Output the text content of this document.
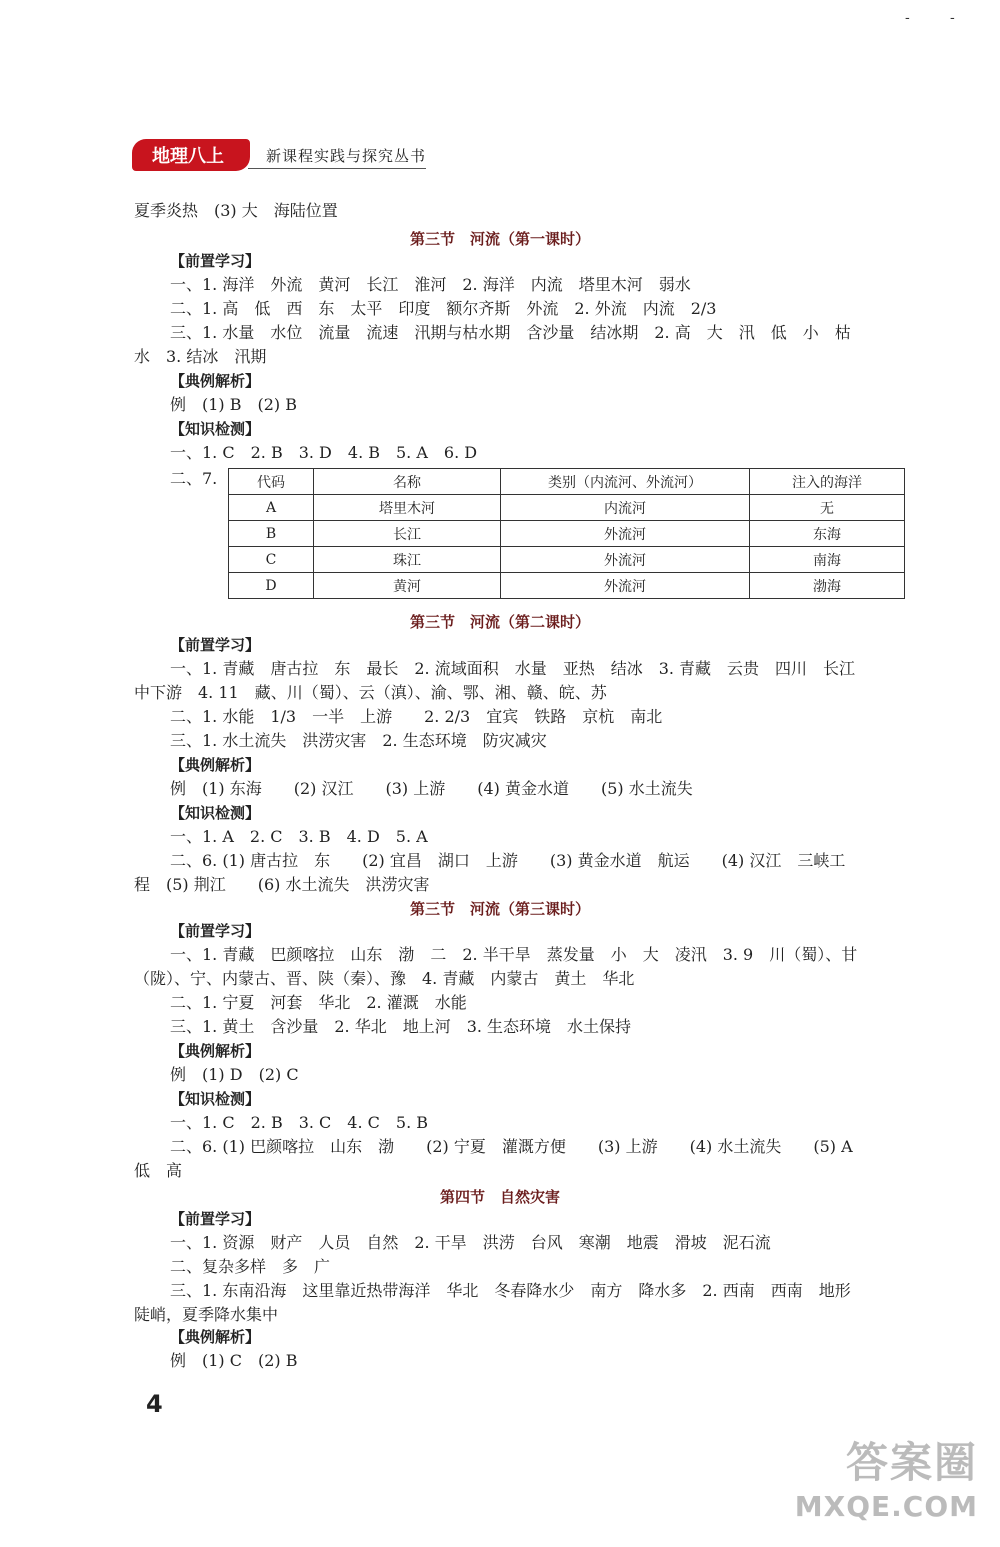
-	-
地理八上	新课程实践与探究丛书
夏季炎热　(3) 大　海陆位置
第三节　河流（第一课时）
【前置学习】
一、1. 海洋　外流　黄河　长江　淮河　2. 海洋　内流　塔里木河　弱水
二、1. 高　低　西　东　太平　印度　额尔齐斯　外流　2. 外流　内流　2/3
三、1. 水量　水位　流量　流速　汛期与枯水期　含沙量　结冰期　2. 高　大　汛　低　小　枯
水　3. 结冰　汛期
【典例解析】
例　(1) B　(2) B
【知识检测】
一、1. C　2. B　3. D　4. B　5. A　6. D
二、7.	代码	名称	类别（内流河、外流河）	注入的海洋
A	塔里木河	内流河	无
B	长江	外流河	东海
C	珠江	外流河	南海
D	黄河	外流河	渤海
第三节　河流（第二课时）
【前置学习】
一、1. 青藏　唐古拉　东　最长　2. 流域面积　水量　亚热　结冰　3. 青藏　云贵　四川　长江
中下游　4. 11　藏、川（蜀）、云（滇）、渝、鄂、湘、赣、皖、苏
二、1. 水能　1/3　一半　上游　　2. 2/3　宜宾　铁路　京杭　南北
三、1. 水土流失　洪涝灾害　2. 生态环境　防灾减灾
【典例解析】
例　(1) 东海　　(2) 汉江　　(3) 上游　　(4) 黄金水道　　(5) 水土流失
【知识检测】
一、1. A　2. C　3. B　4. D　5. A
二、6. (1) 唐古拉　东　　(2) 宜昌　湖口　上游　　(3) 黄金水道　航运　　(4) 汉江　三峡工
程　(5) 荆江　　(6) 水土流失　洪涝灾害
第三节　河流（第三课时）
【前置学习】
一、1. 青藏　巴颜喀拉　山东　渤　二　2. 半干旱　蒸发量　小　大　凌汛　3. 9　川（蜀）、甘
（陇）、宁、内蒙古、晋、陕（秦）、豫　4. 青藏　内蒙古　黄土　华北
二、1. 宁夏　河套　华北　2. 灌溉　水能
三、1. 黄土　含沙量　2. 华北　地上河　3. 生态环境　水土保持
【典例解析】
例　(1) D　(2) C
【知识检测】
一、1. C　2. B　3. C　4. C　5. B
二、6. (1) 巴颜喀拉　山东　渤　　(2) 宁夏　灌溉方便　　(3) 上游　　(4) 水土流失　　(5) A
低　高
第四节　自然灾害
【前置学习】
一、1. 资源　财产　人员　自然　2. 干旱　洪涝　台风　寒潮　地震　滑坡　泥石流
二、复杂多样　多　广
三、1. 东南沿海　这里靠近热带海洋　华北　冬春降水少　南方　降水多　2. 西南　西南　地形
陡峭，夏季降水集中
【典例解析】
例　(1) C　(2) B
4
答案圈
MXQE.COM
